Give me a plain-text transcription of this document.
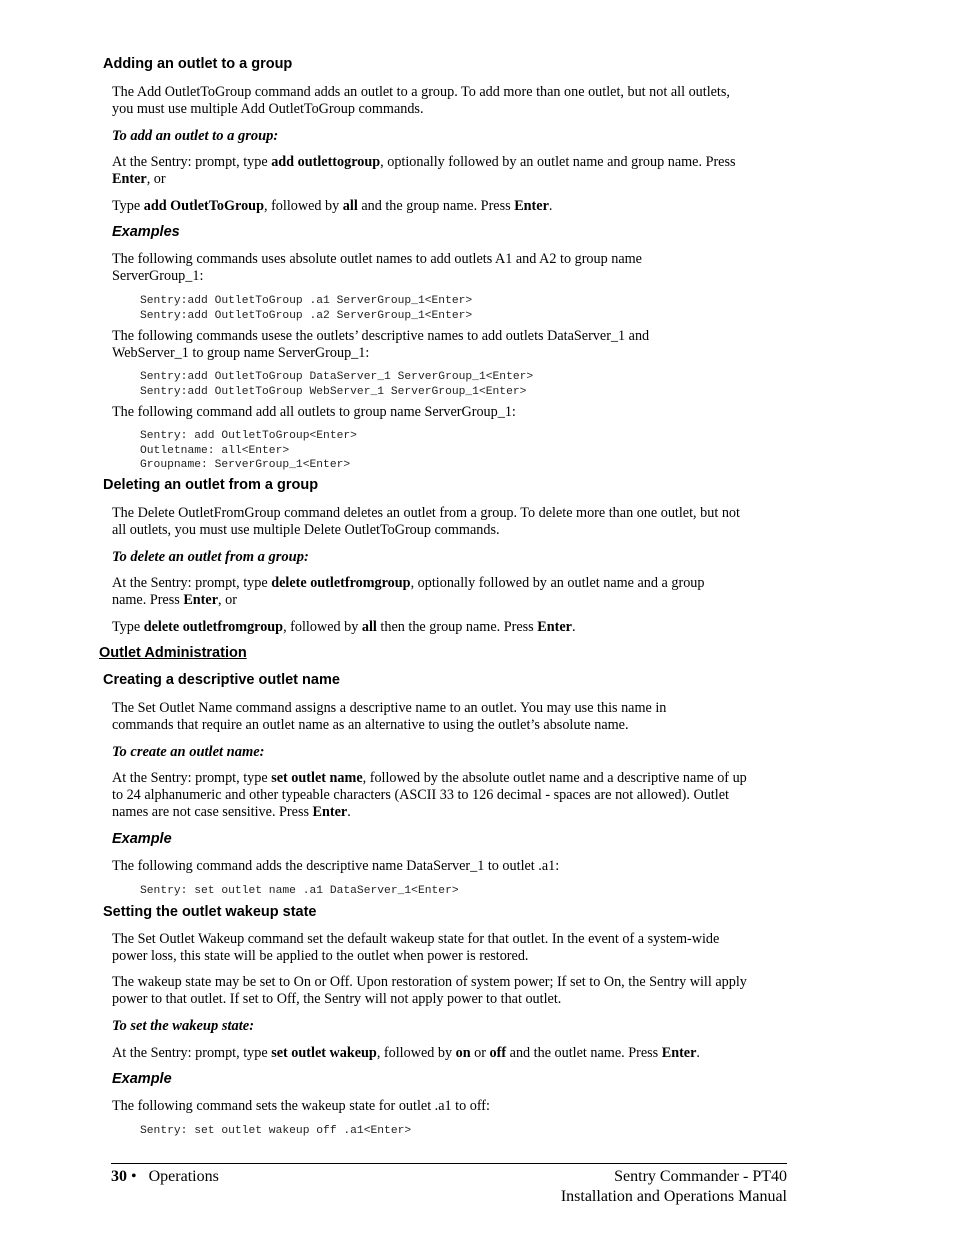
Adding an outlet to a group

The Add OutletToGroup command adds an outlet to a group. To add more than one outlet, but not all outlets, you must use multiple Add OutletToGroup commands.

To add an outlet to a group:

At the Sentry: prompt, type add outlettogroup, optionally followed by an outlet name and group name. Press Enter, or

Type add OutletToGroup, followed by all and the group name. Press Enter.

Examples

The following commands uses absolute outlet names to add outlets A1 and A2 to group name ServerGroup_1:

Sentry:add OutletToGroup .a1 ServerGroup_1<Enter>
Sentry:add OutletToGroup .a2 ServerGroup_1<Enter>

The following commands usese the outlets’ descriptive names to add outlets DataServer_1 and WebServer_1 to group name ServerGroup_1:

Sentry:add OutletToGroup DataServer_1 ServerGroup_1<Enter>
Sentry:add OutletToGroup WebServer_1 ServerGroup_1<Enter>

The following command add all outlets to group name ServerGroup_1:

Sentry: add OutletToGroup<Enter>
Outletname: all<Enter>
Groupname: ServerGroup_1<Enter>
Deleting an outlet from a group

The Delete OutletFromGroup command deletes an outlet from a group. To delete more than one outlet, but not all outlets, you must use multiple Delete OutletToGroup commands.

To delete an outlet from a group:

At the Sentry: prompt, type delete outletfromgroup, optionally followed by an outlet name and a group name. Press Enter, or

Type delete outletfromgroup, followed by all then the group name. Press Enter.

Outlet Administration
Creating a descriptive outlet name

The Set Outlet Name command assigns a descriptive name to an outlet. You may use this name in commands that require an outlet name as an alternative to using the outlet’s absolute name.

To create an outlet name:

At the Sentry: prompt, type set outlet name, followed by the absolute outlet name and a descriptive name of up to 24 alphanumeric and other typeable characters (ASCII 33 to 126 decimal - spaces are not allowed). Outlet names are not case sensitive. Press Enter.

Example

The following command adds the descriptive name DataServer_1 to outlet .a1:

Sentry: set outlet name .a1 DataServer_1<Enter>
Setting the outlet wakeup state

The Set Outlet Wakeup command set the default wakeup state for that outlet. In the event of a system-wide power loss, this state will be applied to the outlet when power is restored.

The wakeup state may be set to On or Off. Upon restoration of system power; If set to On, the Sentry will apply power to that outlet. If set to Off, the Sentry will not apply power to that outlet.

To set the wakeup state:

At the Sentry: prompt, type set outlet wakeup, followed by on or off and the outlet name. Press Enter.

Example

The following command sets the wakeup state for outlet .a1 to off:

Sentry: set outlet wakeup off .a1<Enter>
30 • Operations	Sentry Commander - PT40
Installation and Operations Manual
